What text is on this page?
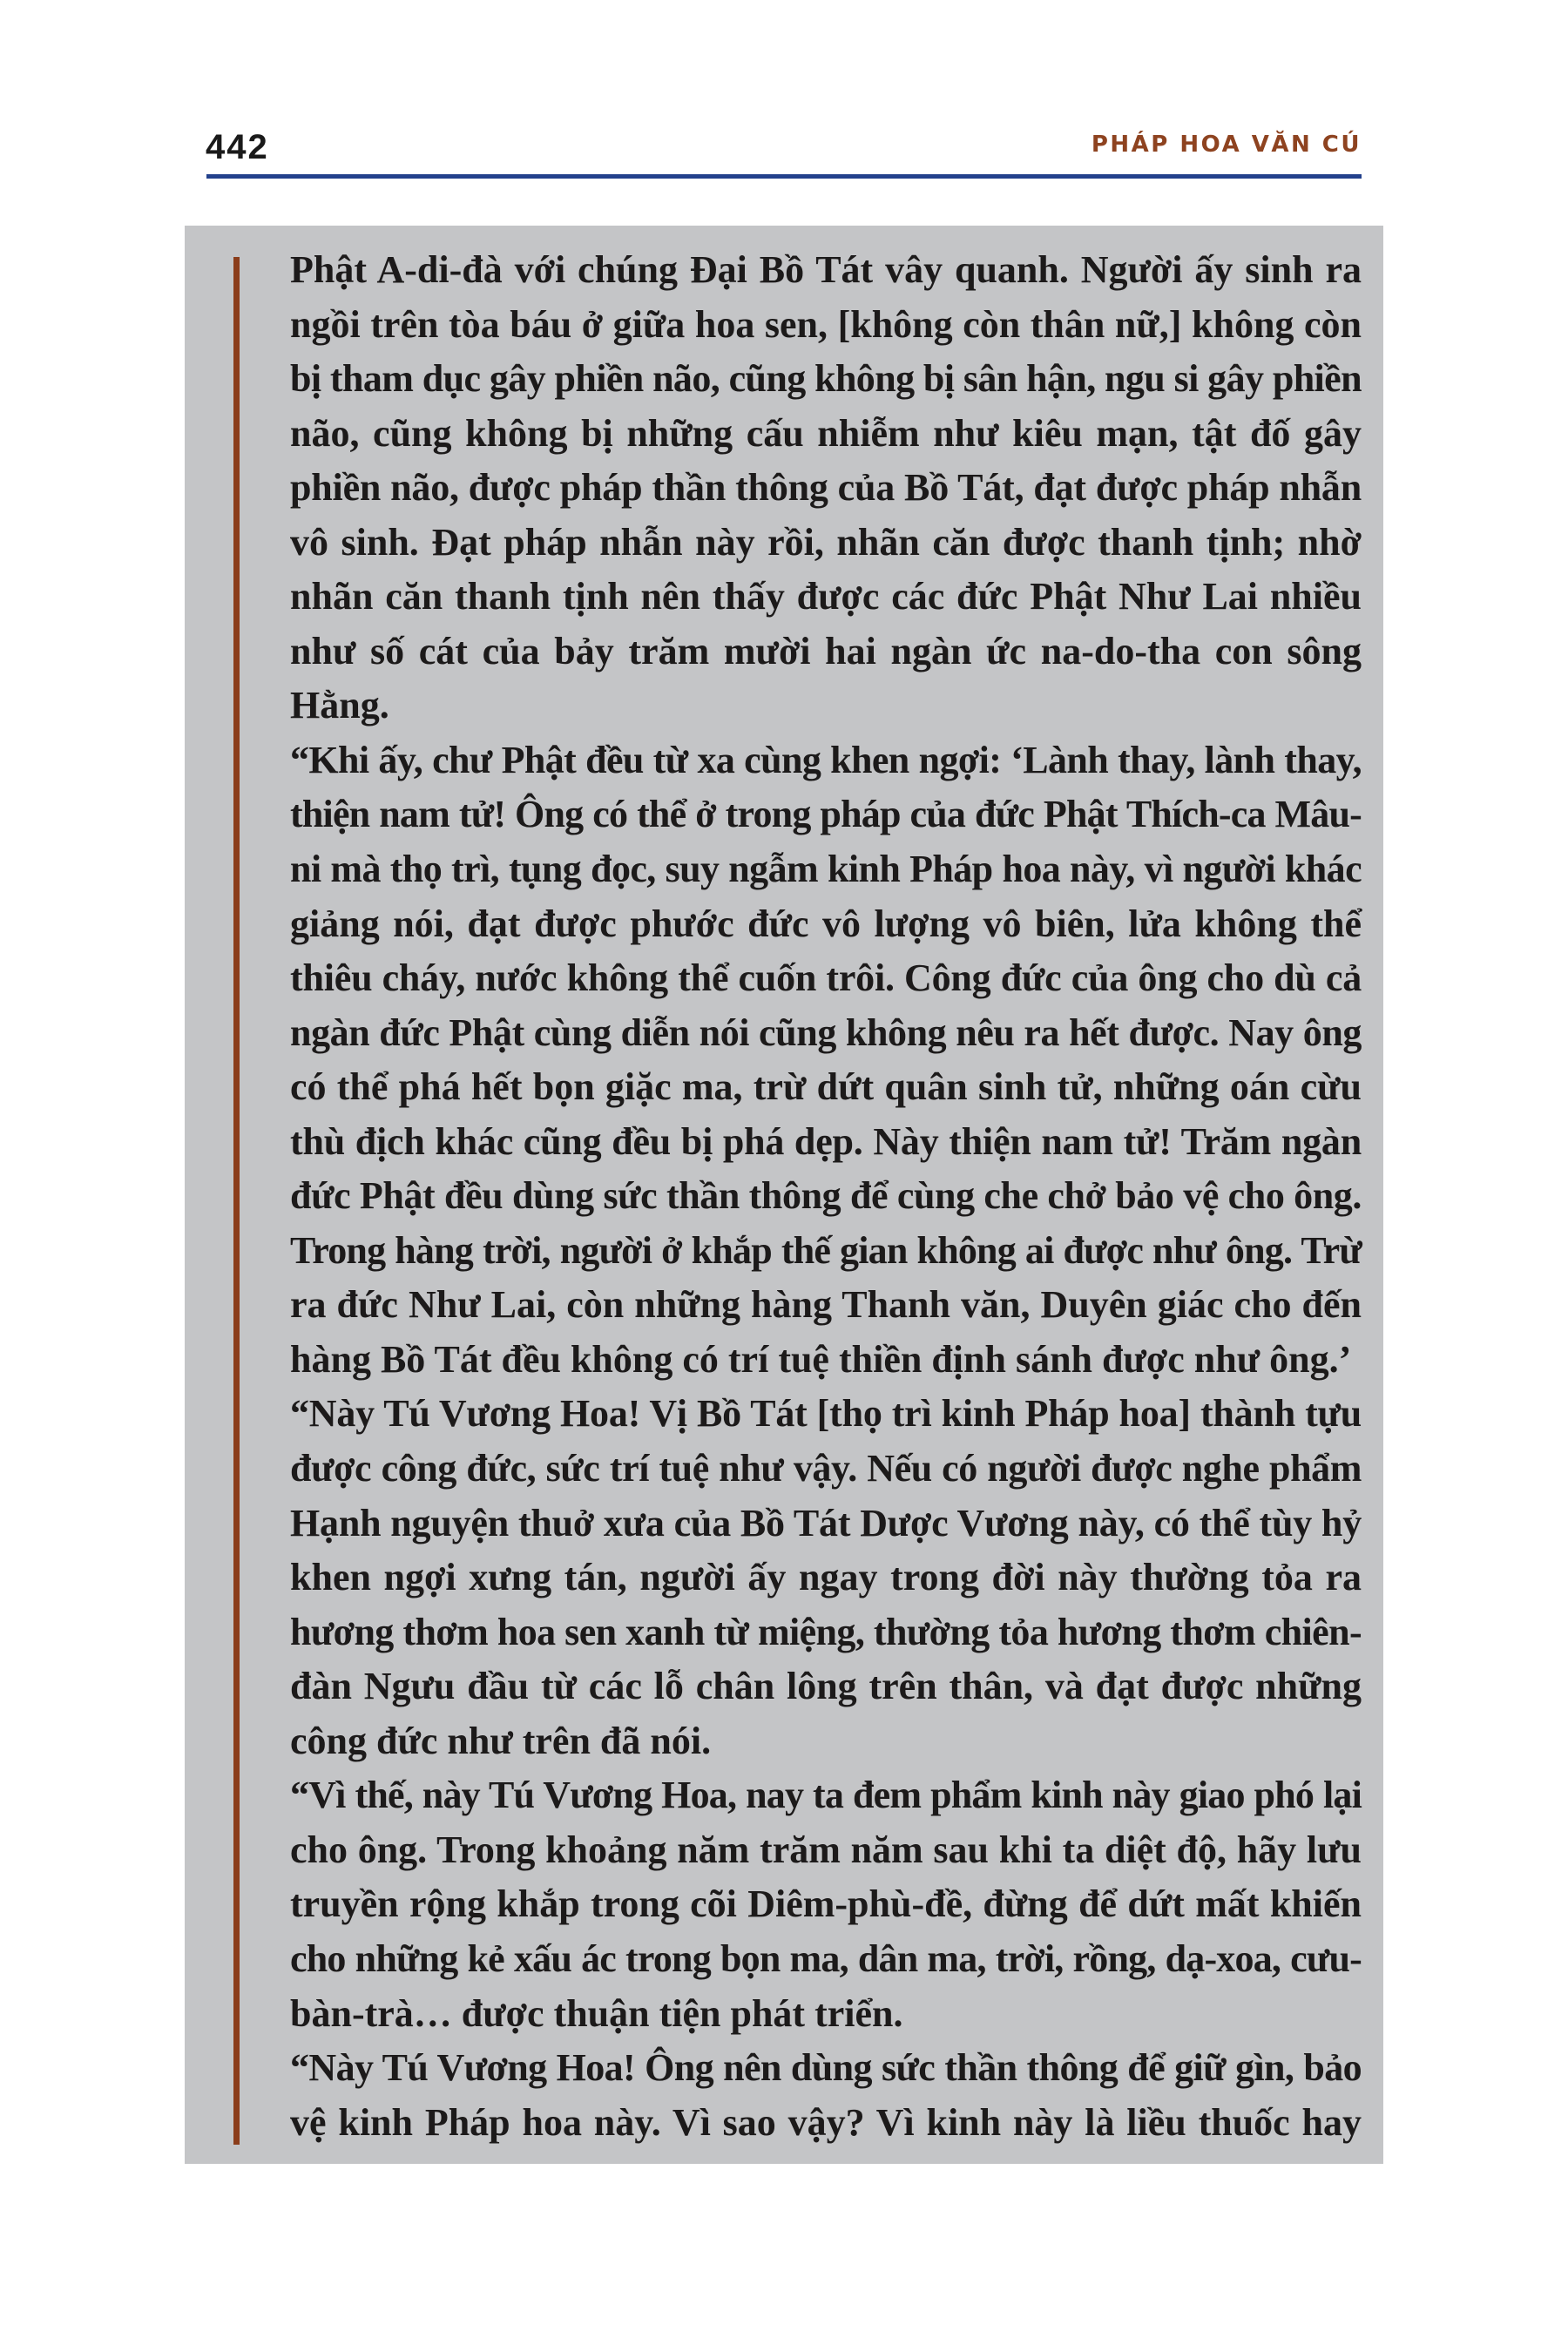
442	PHÁP HOA VĂN CÚ
Phật A-di-đà với chúng Đại Bồ Tát vây quanh. Người ấy sinh ra
ngồi trên tòa báu ở giữa hoa sen, [không còn thân nữ,] không còn
bị tham dục gây phiền não, cũng không bị sân hận, ngu si gây phiền
não, cũng không bị những cấu nhiễm như kiêu mạn, tật đố gây
phiền não, được pháp thần thông của Bồ Tát, đạt được pháp nhẫn
vô sinh. Đạt pháp nhẫn này rồi, nhãn căn được thanh tịnh; nhờ
nhãn căn thanh tịnh nên thấy được các đức Phật Như Lai nhiều
như số cát của bảy trăm mười hai ngàn ức na-do-tha con sông
Hằng.
“Khi ấy, chư Phật đều từ xa cùng khen ngợi: ‘Lành thay, lành thay,
thiện nam tử! Ông có thể ở trong pháp của đức Phật Thích-ca Mâu-
ni mà thọ trì, tụng đọc, suy ngẫm kinh Pháp hoa này, vì người khác
giảng nói, đạt được phước đức vô lượng vô biên, lửa không thể
thiêu cháy, nước không thể cuốn trôi. Công đức của ông cho dù cả
ngàn đức Phật cùng diễn nói cũng không nêu ra hết được. Nay ông
có thể phá hết bọn giặc ma, trừ dứt quân sinh tử, những oán cừu
thù địch khác cũng đều bị phá dẹp. Này thiện nam tử! Trăm ngàn
đức Phật đều dùng sức thần thông để cùng che chở bảo vệ cho ông.
Trong hàng trời, người ở khắp thế gian không ai được như ông. Trừ
ra đức Như Lai, còn những hàng Thanh văn, Duyên giác cho đến
hàng Bồ Tát đều không có trí tuệ thiền định sánh được như ông.’
“Này Tú Vương Hoa! Vị Bồ Tát [thọ trì kinh Pháp hoa] thành tựu
được công đức, sức trí tuệ như vậy. Nếu có người được nghe phẩm
Hạnh nguyện thuở xưa của Bồ Tát Dược Vương này, có thể tùy hỷ
khen ngợi xưng tán, người ấy ngay trong đời này thường tỏa ra
hương thơm hoa sen xanh từ miệng, thường tỏa hương thơm chiên-
đàn Ngưu đầu từ các lỗ chân lông trên thân, và đạt được những
công đức như trên đã nói.
“Vì thế, này Tú Vương Hoa, nay ta đem phẩm kinh này giao phó lại
cho ông. Trong khoảng năm trăm năm sau khi ta diệt độ, hãy lưu
truyền rộng khắp trong cõi Diêm-phù-đề, đừng để dứt mất khiến
cho những kẻ xấu ác trong bọn ma, dân ma, trời, rồng, dạ-xoa, cưu-
bàn-trà… được thuận tiện phát triển.
“Này Tú Vương Hoa! Ông nên dùng sức thần thông để giữ gìn, bảo
vệ kinh Pháp hoa này. Vì sao vậy? Vì kinh này là liều thuốc hay
